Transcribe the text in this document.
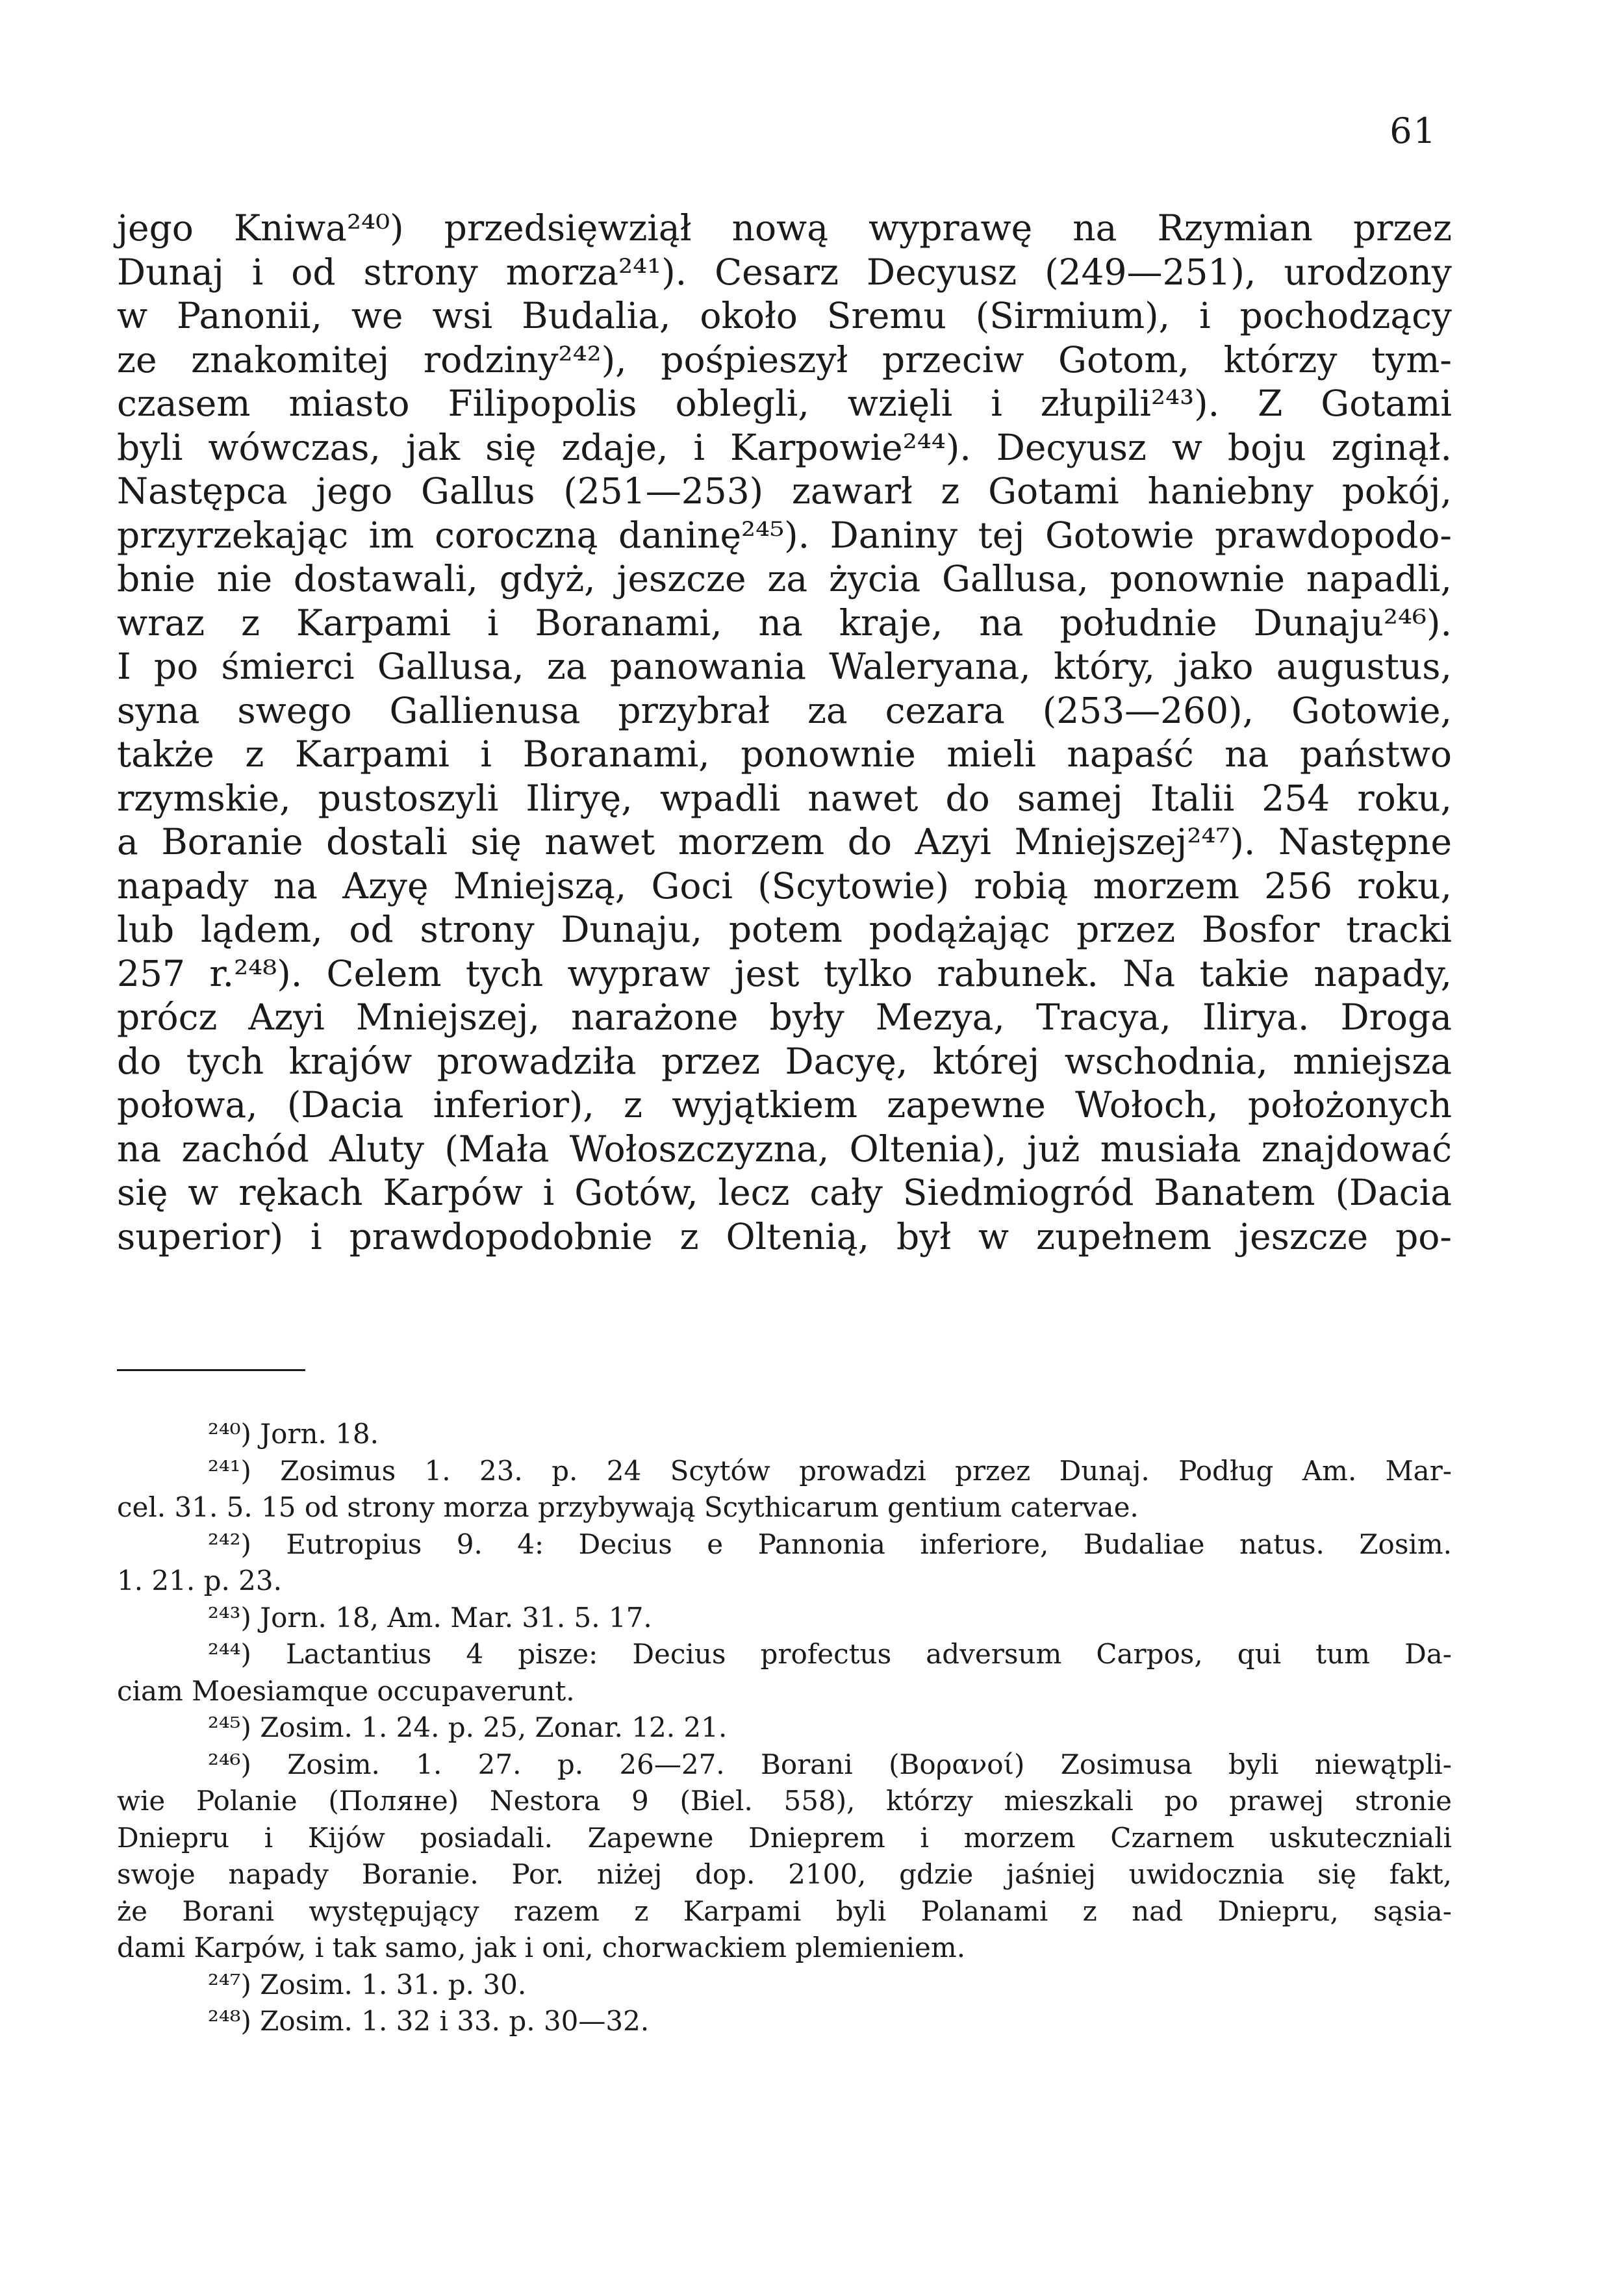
61
jego Kniwa²⁴⁰) przedsięwziął nową wyprawę na Rzymian przez
Dunaj i od strony morza²⁴¹). Cesarz Decyusz (249—251), urodzony
w Panonii, we wsi Budalia, około Sremu (Sirmium), i pochodzący
ze znakomitej rodziny²⁴²), pośpieszył przeciw Gotom, którzy tym-
czasem miasto Filipopolis oblegli, wzięli i złupili²⁴³). Z Gotami
byli wówczas, jak się zdaje, i Karpowie²⁴⁴). Decyusz w boju zginął.
Następca jego Gallus (251—253) zawarł z Gotami haniebny pokój,
przyrzekając im coroczną daninę²⁴⁵). Daniny tej Gotowie prawdopodo-
bnie nie dostawali, gdyż, jeszcze za życia Gallusa, ponownie napadli,
wraz z Karpami i Boranami, na kraje, na południe Dunaju²⁴⁶).
I po śmierci Gallusa, za panowania Waleryana, który, jako augustus,
syna swego Gallienusa przybrał za cezara (253—260), Gotowie,
także z Karpami i Boranami, ponownie mieli napaść na państwo
rzymskie, pustoszyli Iliryę, wpadli nawet do samej Italii 254 roku,
a Boranie dostali się nawet morzem do Azyi Mniejszej²⁴⁷). Następne
napady na Azyę Mniejszą, Goci (Scytowie) robią morzem 256 roku,
lub lądem, od strony Dunaju, potem podążając przez Bosfor tracki
257 r.²⁴⁸). Celem tych wypraw jest tylko rabunek. Na takie napady,
prócz Azyi Mniejszej, narażone były Mezya, Tracya, Ilirya. Droga
do tych krajów prowadziła przez Dacyę, której wschodnia, mniejsza
połowa, (Dacia inferior), z wyjątkiem zapewne Wołoch, położonych
na zachód Aluty (Mała Wołoszczyzna, Oltenia), już musiała znajdować
się w rękach Karpów i Gotów, lecz cały Siedmiogród Banatem (Dacia
superior) i prawdopodobnie z Oltenią, był w zupełnem jeszcze po-
²⁴⁰) Jorn. 18.
²⁴¹) Zosimus 1. 23. p. 24 Scytów prowadzi przez Dunaj. Podług Am. Mar-
cel. 31. 5. 15 od strony morza przybywają Scythicarum gentium catervae.
²⁴²) Eutropius 9. 4: Decius e Pannonia inferiore, Budaliae natus. Zosim.
1. 21. p. 23.
²⁴³) Jorn. 18, Am. Mar. 31. 5. 17.
²⁴⁴) Lactantius 4 pisze: Decius profectus adversum Carpos, qui tum Da-
ciam Moesiamque occupaverunt.
²⁴⁵) Zosim. 1. 24. p. 25, Zonar. 12. 21.
²⁴⁶) Zosim. 1. 27. p. 26—27. Borani (Βορανοί) Zosimusa byli niewątpli-
wie Polanie (Поляне) Nestora 9 (Biel. 558), którzy mieszkali po prawej stronie
Dniepru i Kijów posiadali. Zapewne Dnieprem i morzem Czarnem uskuteczniali
swoje napady Boranie. Por. niżej dop. 2100, gdzie jaśniej uwidocznia się fakt,
że Borani występujący razem z Karpami byli Polanami z nad Dniepru, sąsia-
dami Karpów, i tak samo, jak i oni, chorwackiem plemieniem.
²⁴⁷) Zosim. 1. 31. p. 30.
²⁴⁸) Zosim. 1. 32 i 33. p. 30—32.
